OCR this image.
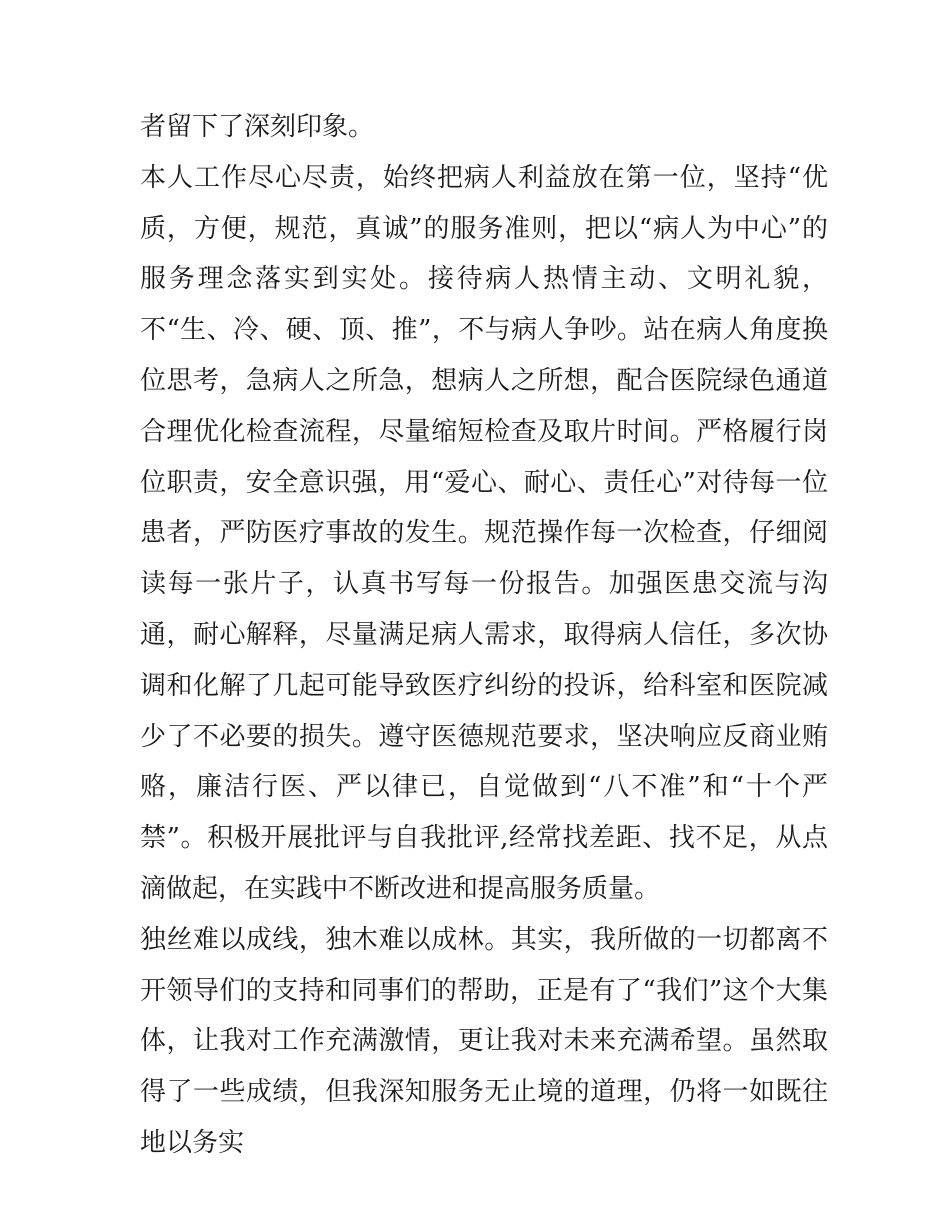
者留下了深刻印象。

本人工作尽心尽责，始终把病人利益放在第一位，坚持“优质，方便，规范，真诚”的服务准则，把以“病人为中心”的服务理念落实到实处。接待病人热情主动、文明礼貌，不“生、冷、硬、顶、推”，不与病人争吵。站在病人角度换位思考，急病人之所急，想病人之所想，配合医院绿色通道合理优化检查流程，尽量缩短检查及取片时间。严格履行岗位职责，安全意识强，用“爱心、耐心、责任心”对待每一位患者，严防医疗事故的发生。规范操作每一次检查，仔细阅读每一张片子，认真书写每一份报告。加强医患交流与沟通，耐心解释，尽量满足病人需求，取得病人信任，多次协调和化解了几起可能导致医疗纠纷的投诉，给科室和医院减少了不必要的损失。遵守医德规范要求，坚决响应反商业贿赂，廉洁行医、严以律已，自觉做到“八不准”和“十个严禁”。积极开展批评与自我批评,经常找差距、找不足，从点滴做起，在实践中不断改进和提高服务质量。

独丝难以成线，独木难以成林。其实，我所做的一切都离不开领导们的支持和同事们的帮助，正是有了“我们”这个大集体，让我对工作充满激情，更让我对未来充满希望。虽然取得了一些成绩，但我深知服务无止境的道理，仍将一如既往地以务实
